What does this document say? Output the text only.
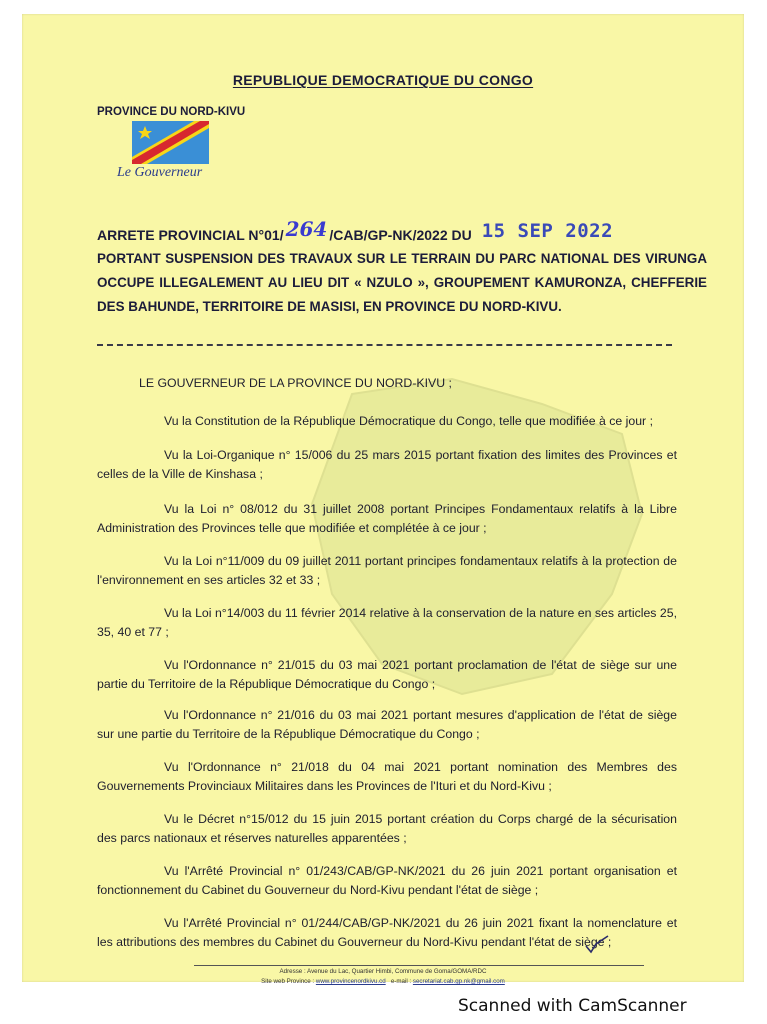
REPUBLIQUE DEMOCRATIQUE DU CONGO
PROVINCE DU NORD-KIVU
Le Gouverneur
ARRETE PROVINCIAL N°01/ 264 /CAB/GP-NK/2022 DU 15 SEP 2022
PORTANT SUSPENSION DES TRAVAUX SUR LE TERRAIN DU PARC NATIONAL DES VIRUNGA OCCUPE ILLEGALEMENT AU LIEU DIT « NZULO », GROUPEMENT KAMURONZA, CHEFFERIE DES BAHUNDE, TERRITOIRE DE MASISI, EN PROVINCE DU NORD-KIVU.
LE GOUVERNEUR DE LA PROVINCE DU NORD-KIVU ;
Vu la Constitution de la République Démocratique du Congo, telle que modifiée à ce jour ;
Vu la Loi-Organique n° 15/006 du 25 mars 2015 portant fixation des limites des Provinces et celles de la Ville de Kinshasa ;
Vu la Loi n° 08/012 du 31 juillet 2008 portant Principes Fondamentaux relatifs à la Libre Administration des Provinces telle que modifiée et complétée à ce jour ;
Vu la Loi n°11/009 du 09 juillet 2011 portant principes fondamentaux relatifs à la protection de l'environnement en ses articles 32 et 33 ;
Vu la Loi n°14/003 du 11 février 2014 relative à la conservation de la nature en ses articles 25, 35, 40 et 77 ;
Vu l'Ordonnance n° 21/015 du 03 mai 2021 portant proclamation de l'état de siège sur une partie du Territoire de la République Démocratique du Congo ;
Vu l'Ordonnance n° 21/016 du 03 mai 2021 portant mesures d'application de l'état de siège sur une partie du Territoire de la République Démocratique du Congo ;
Vu l'Ordonnance n° 21/018 du 04 mai 2021 portant nomination des Membres des Gouvernements Provinciaux Militaires dans les Provinces de l'Ituri et du Nord-Kivu ;
Vu le Décret n°15/012 du 15 juin 2015 portant création du Corps chargé de la sécurisation des parcs nationaux et réserves naturelles apparentées ;
Vu l'Arrêté Provincial n° 01/243/CAB/GP-NK/2021 du 26 juin 2021 portant organisation et fonctionnement du Cabinet du Gouverneur du Nord-Kivu pendant l'état de siège ;
Vu l'Arrêté Provincial n° 01/244/CAB/GP-NK/2021 du 26 juin 2021 fixant la nomenclature et les attributions des membres du Cabinet du Gouverneur du Nord-Kivu pendant l'état de siège ;
Adresse : Avenue du Lac, Quartier Himbi, Commune de Goma/GOMA/RDC
Site web Province : www.provincenordkivu.cd e-mail : secretariat.cab.gp.nk@gmail.com
Scanned with CamScanner
